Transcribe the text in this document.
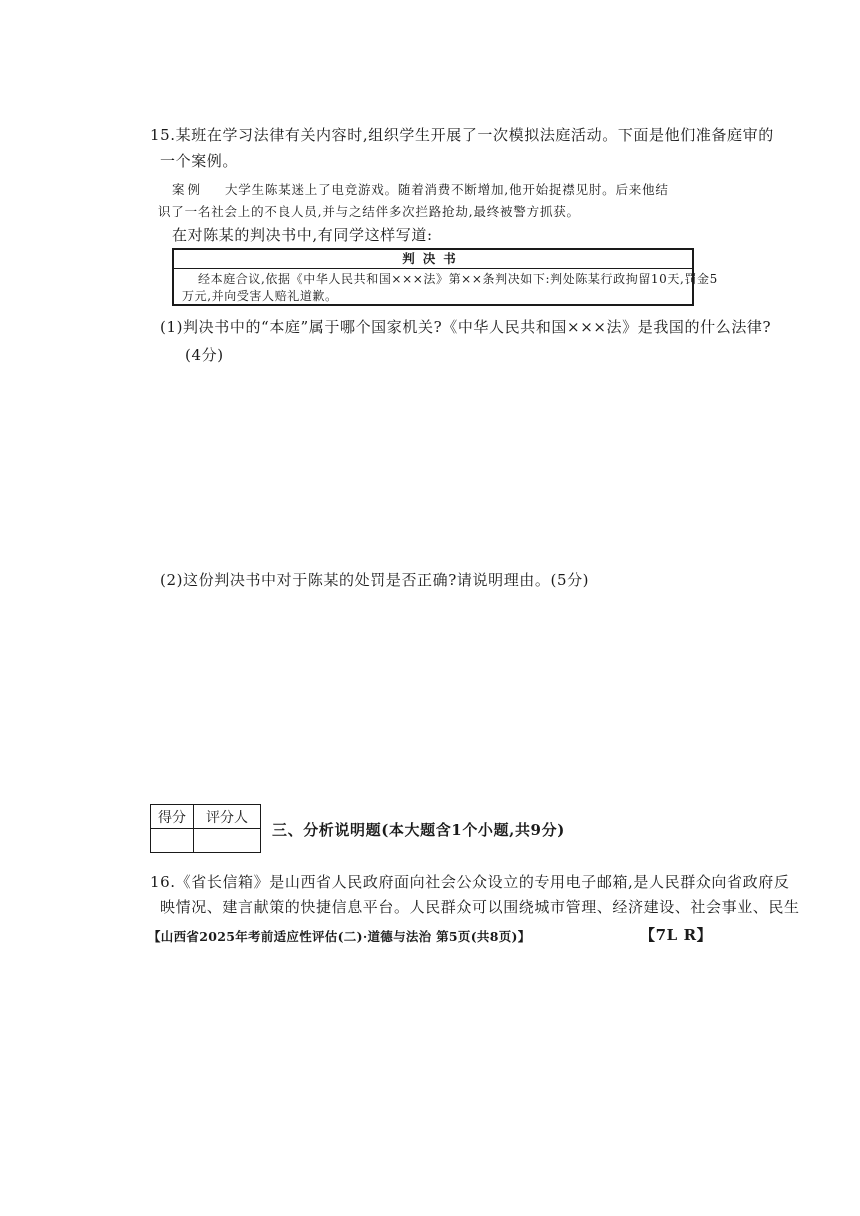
15.某班在学习法律有关内容时,组织学生开展了一次模拟法庭活动。下面是他们准备庭审的
一个案例。
案例 大学生陈某迷上了电竞游戏。随着消费不断增加,他开始捉襟见肘。后来他结
识了一名社会上的不良人员,并与之结伴多次拦路抢劫,最终被警方抓获。
在对陈某的判决书中,有同学这样写道:
判决书
经本庭合议,依据《中华人民共和国×××法》第××条判决如下:判处陈某行政拘留10天,罚金5
万元,并向受害人赔礼道歉。
(1)判决书中的“本庭”属于哪个国家机关?《中华人民共和国×××法》是我国的什么法律?
(4分)
(2)这份判决书中对于陈某的处罚是否正确?请说明理由。(5分)
得分	评分人

三、分析说明题(本大题含1个小题,共9分)
16.《省长信箱》是山西省人民政府面向社会公众设立的专用电子邮箱,是人民群众向省政府反
映情况、建言献策的快捷信息平台。人民群众可以围绕城市管理、经济建设、社会事业、民生
【山西省2025年考前适应性评估(二)·道德与法治 第5页(共8页)】	【7L R】
